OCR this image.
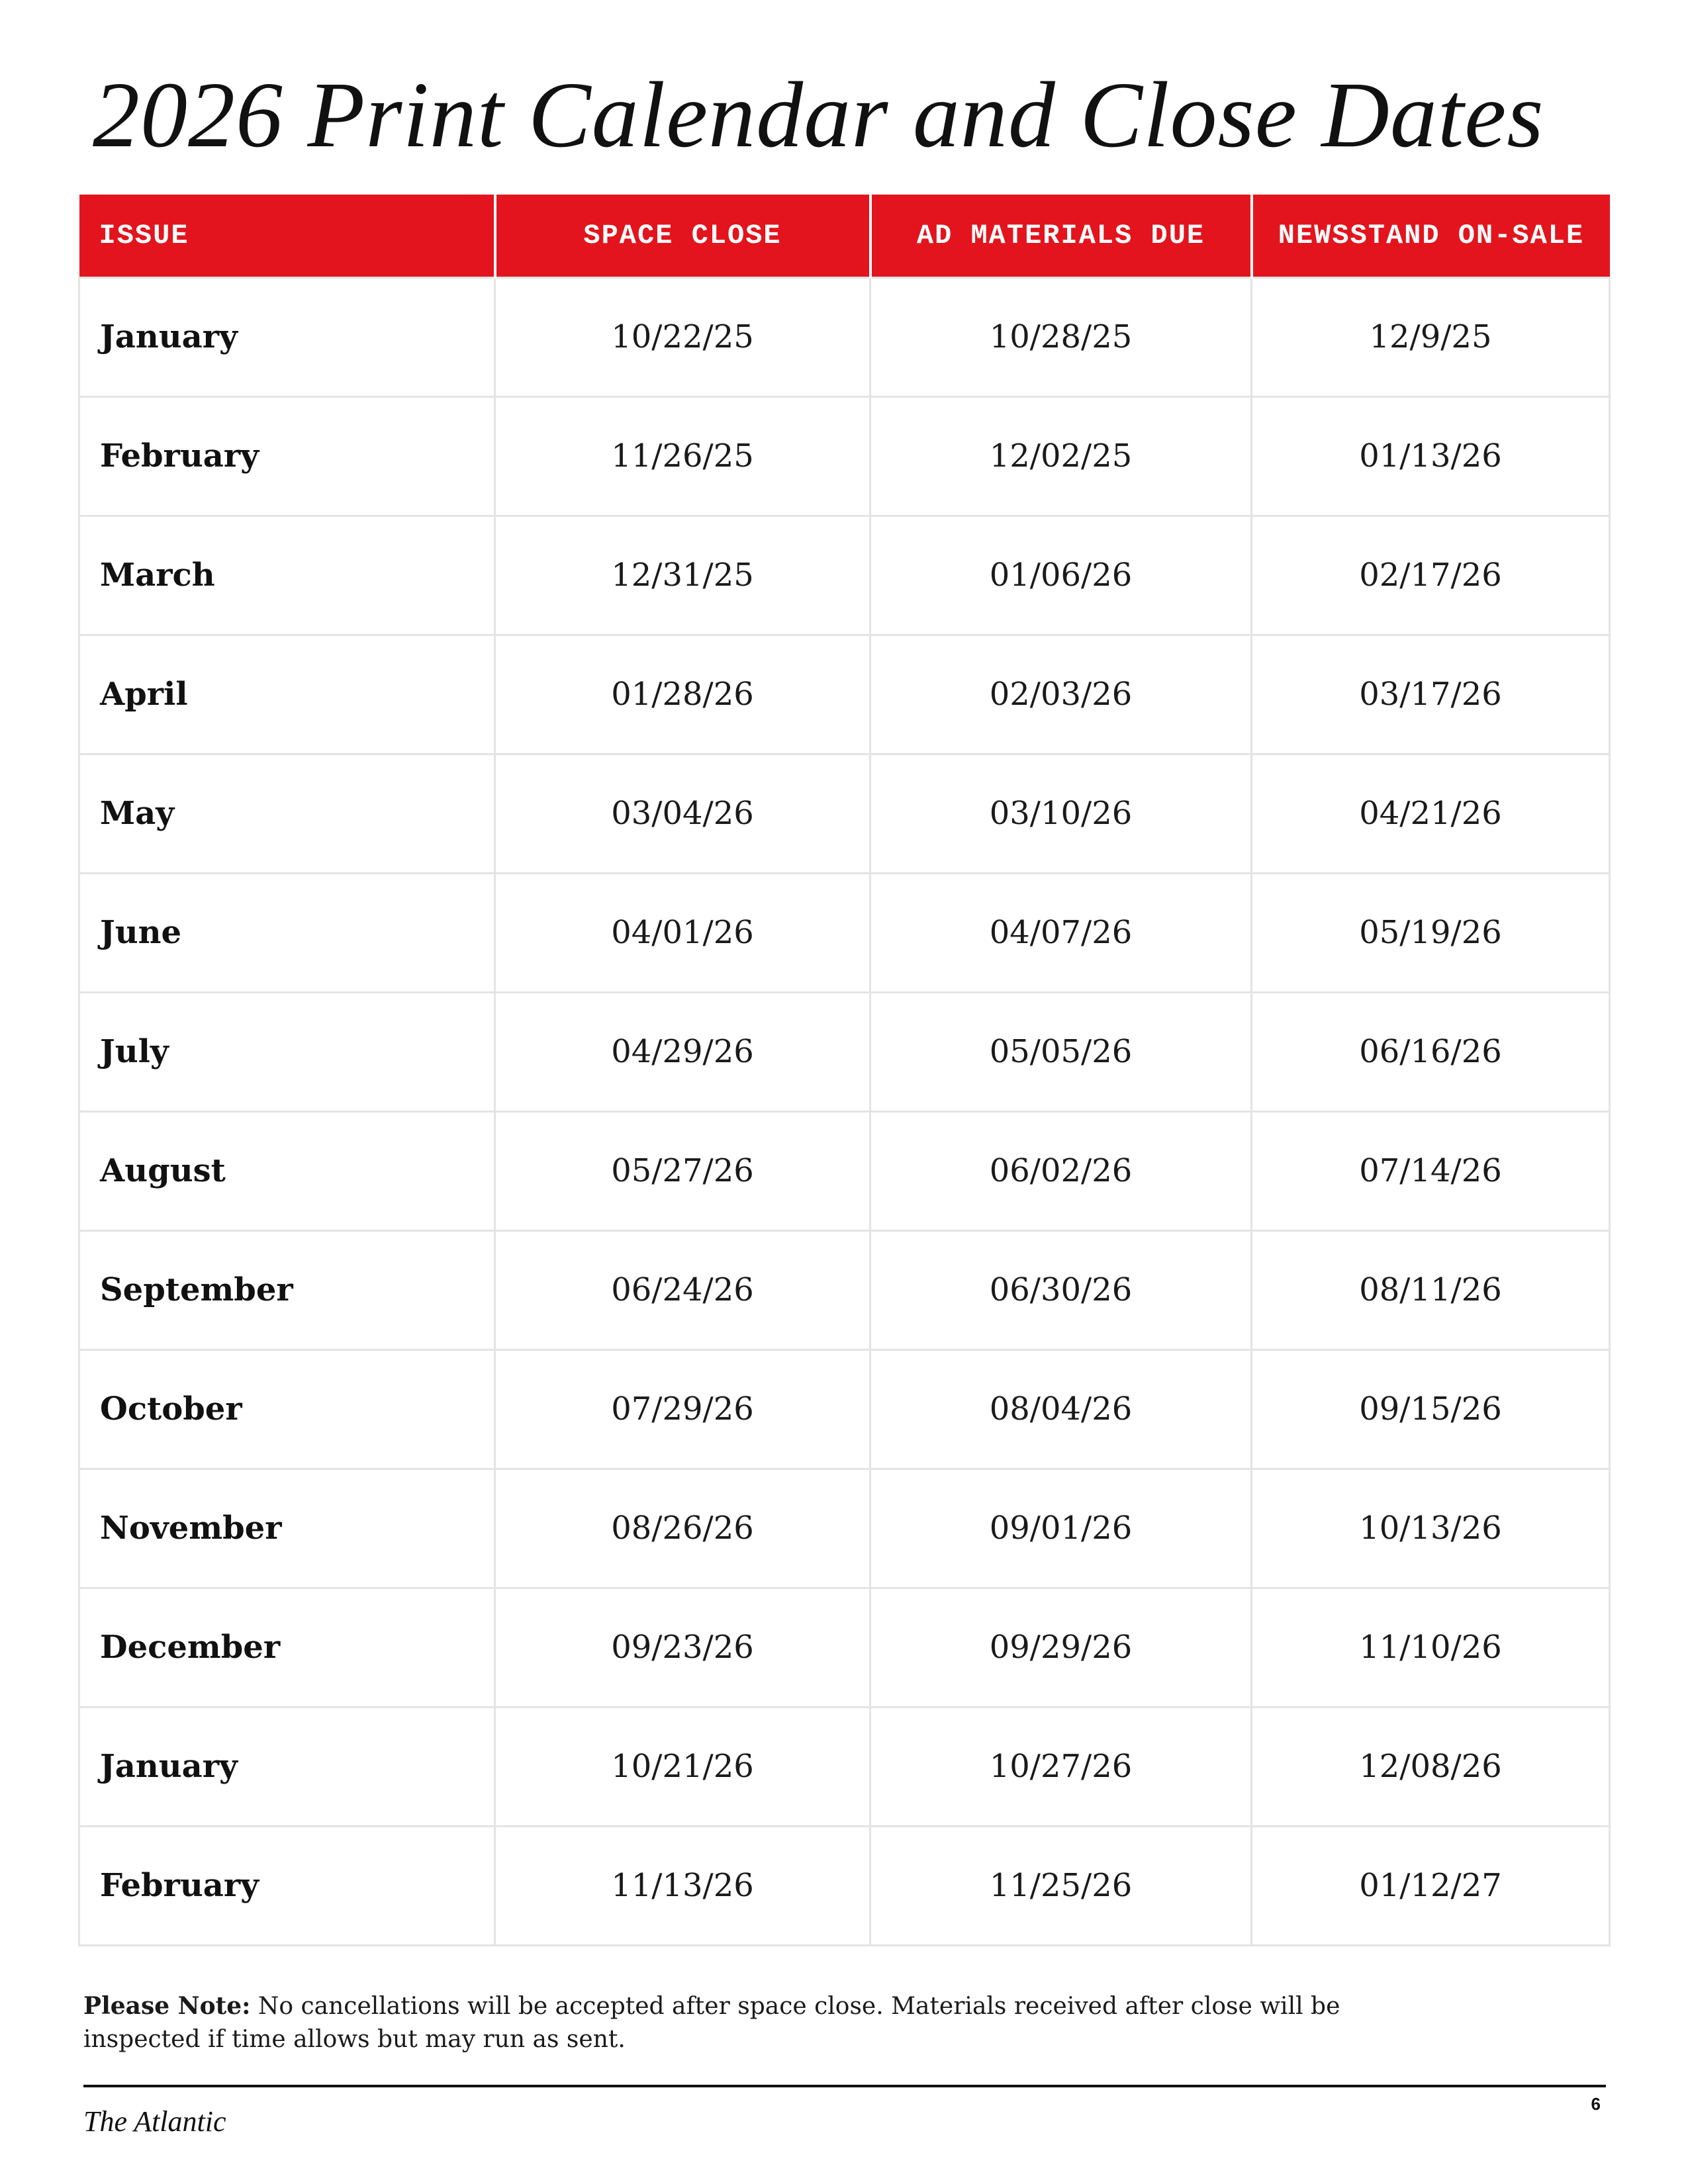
2026 Print Calendar and Close Dates
ISSUE	SPACE CLOSE	AD MATERIALS DUE	NEWSSTAND ON-SALE
January	10/22/25	10/28/25	12/9/25
February	11/26/25	12/02/25	01/13/26
March	12/31/25	01/06/26	02/17/26
April	01/28/26	02/03/26	03/17/26
May	03/04/26	03/10/26	04/21/26
June	04/01/26	04/07/26	05/19/26
July	04/29/26	05/05/26	06/16/26
August	05/27/26	06/02/26	07/14/26
September	06/24/26	06/30/26	08/11/26
October	07/29/26	08/04/26	09/15/26
November	08/26/26	09/01/26	10/13/26
December	09/23/26	09/29/26	11/10/26
January	10/21/26	10/27/26	12/08/26
February	11/13/26	11/25/26	01/12/27

Please Note: No cancellations will be accepted after space close. Materials received after close will be inspected if time allows but may run as sent.

The Atlantic
6
